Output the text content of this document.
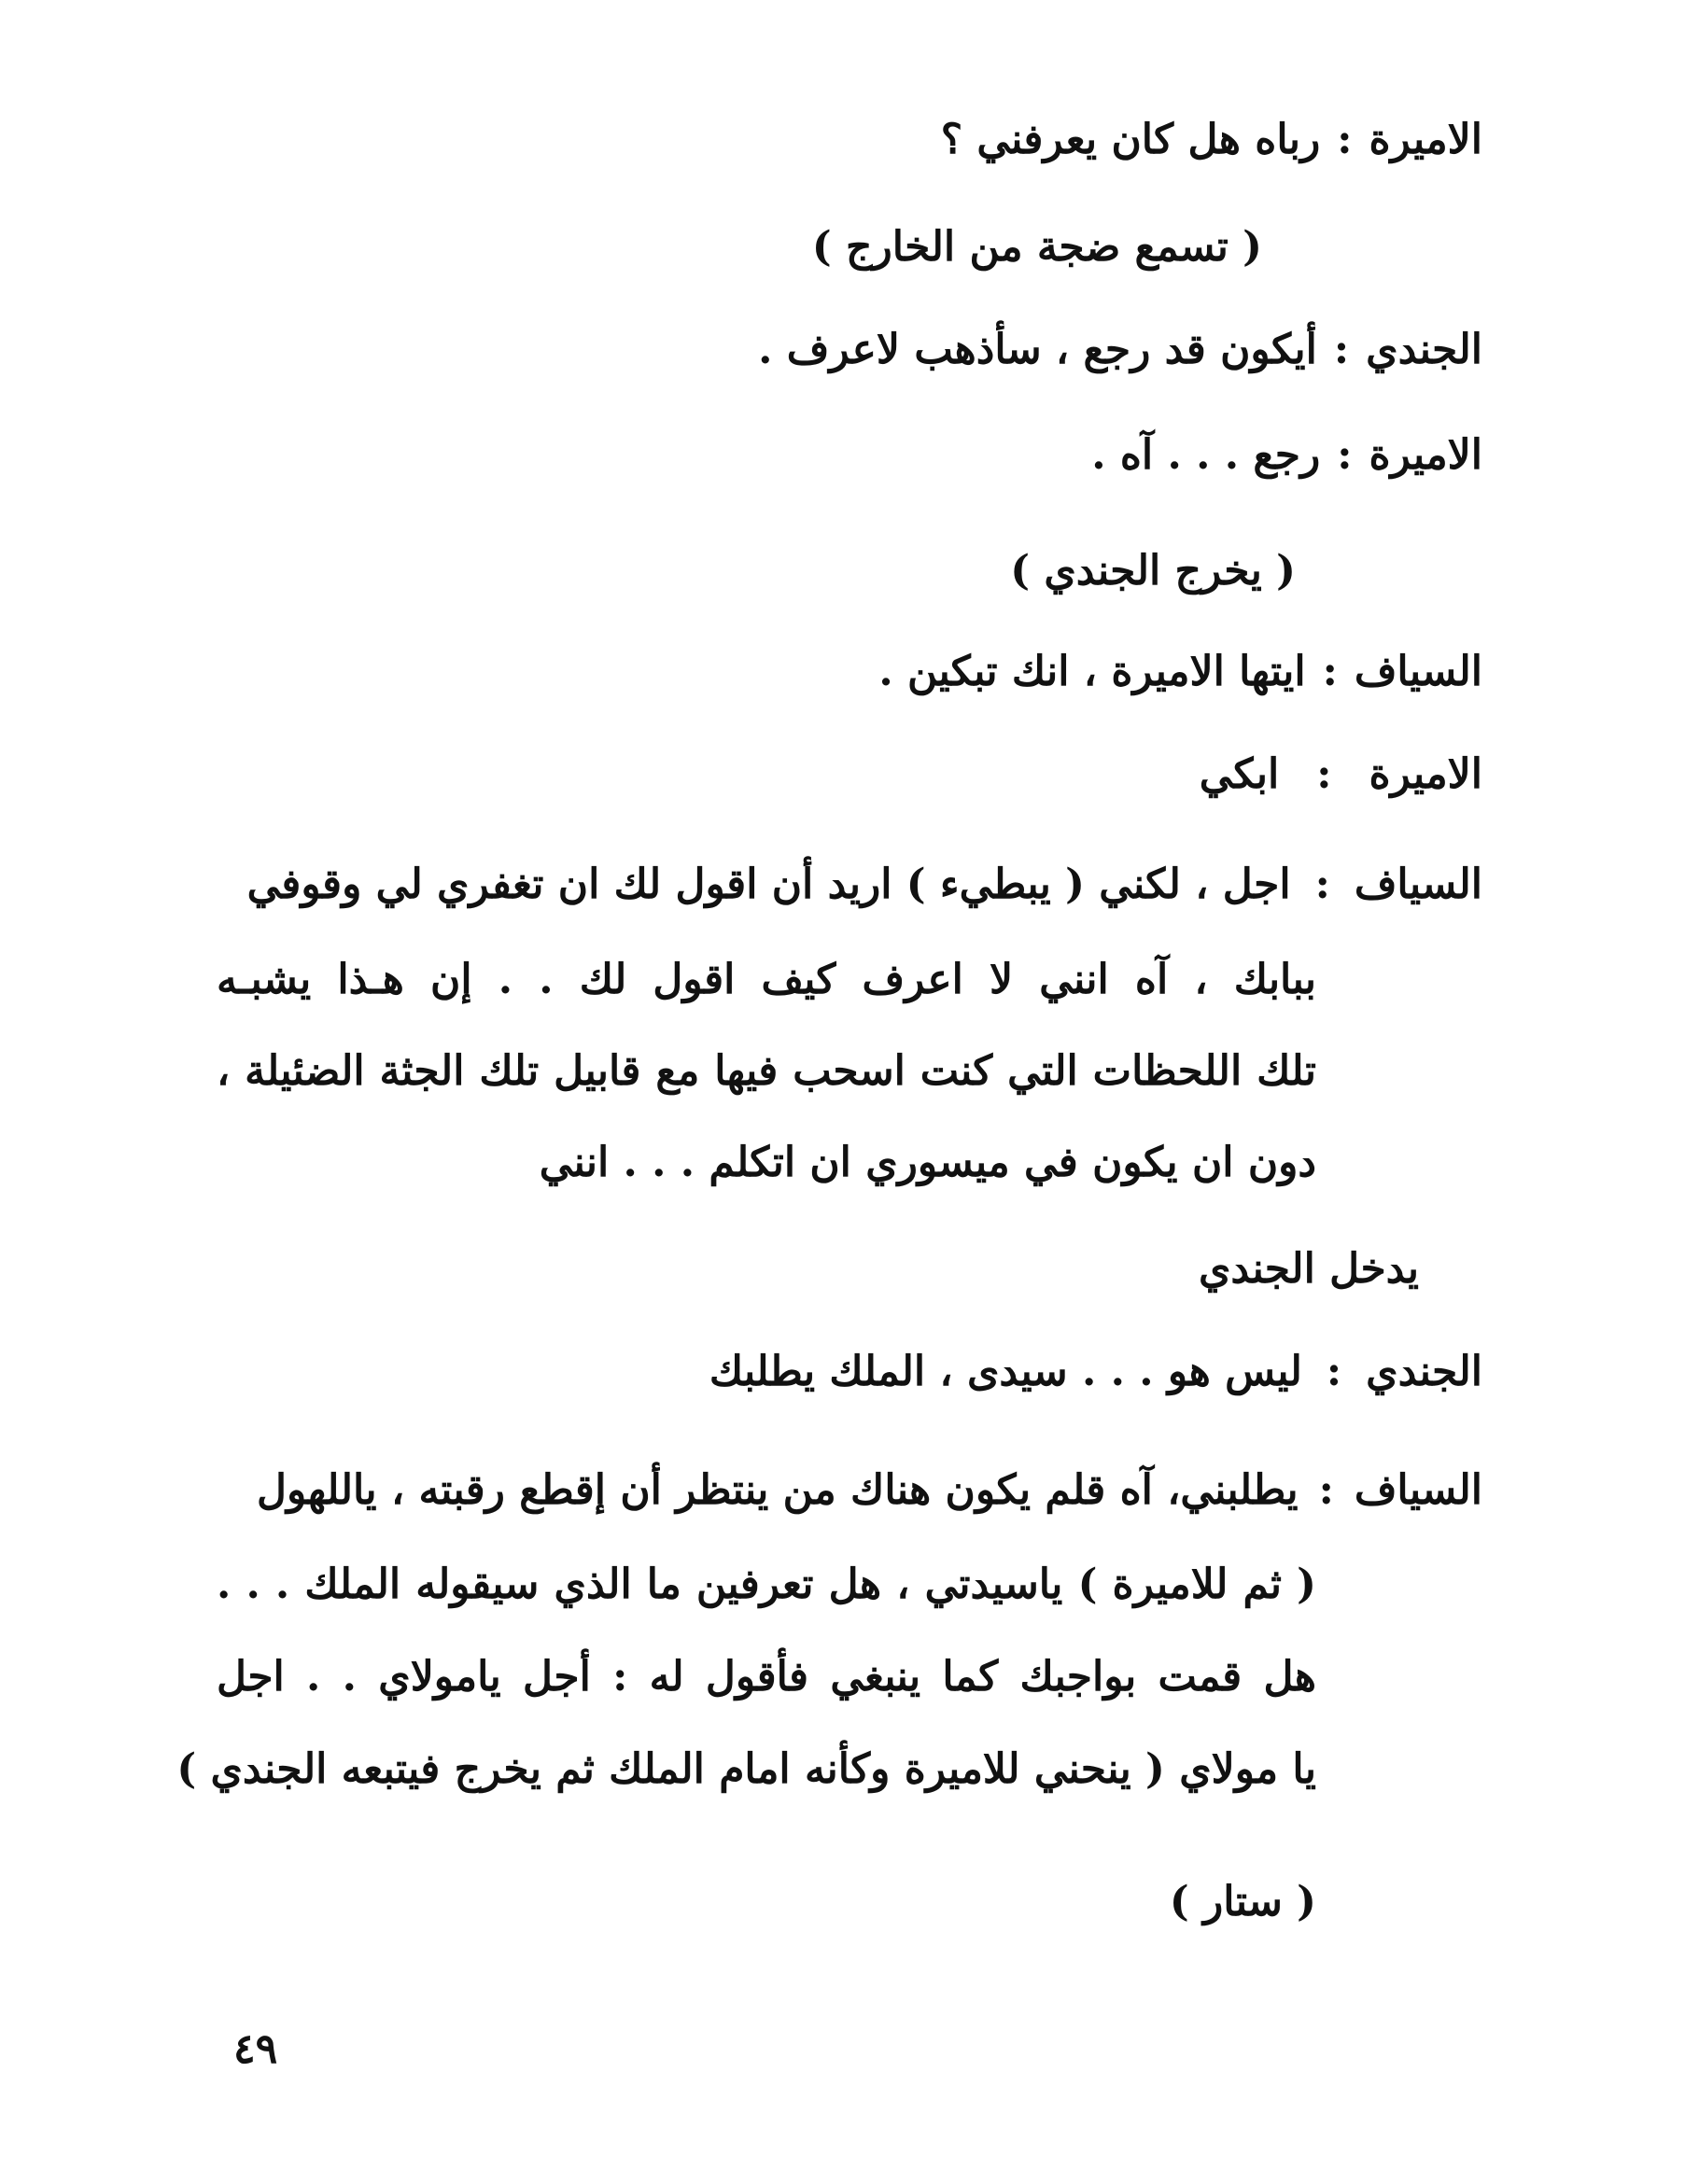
الاميرة:رباه هل كان يعرفني ؟
( تسمع ضجة من الخارج )
الجندي:أيكون قد رجع ، سأذهب لاعرف .
الاميرة:رجع . . . آه .
( يخرج الجندي )
السياف:ايتها الاميرة ، انك تبكين .
الاميرة:ابكي
السياف:اجل ، لكني ( يبطيء ) اريد أن اقول لك ان تغفري لي وقوفي
ببابك ، آه انني لا اعرف كيف اقول لك . . إن هـذا يشبـه
تلك اللحظات التي كنت اسحب فيها مع قابيل تلك الجثة الضئيلة ،
دون ان يكون في ميسوري ان اتكلم . . . انني
يدخل الجندي
الجندي:ليس هو . . . سيدى ، الملك يطلبك
السياف:يطلبني، آه قلم يكون هناك من ينتظر أن إقطع رقبته ، ياللهول
( ثم للاميرة ) ياسيدتي ، هل تعرفين ما الذي سيقوله الملك . . .
هل قمت بواجبك كما ينبغي فأقول له : أجل يامولاي . . اجل
يا مولاي ( ينحني للاميرة وكأنه امام الملك ثم يخرج فيتبعه الجندي )
( ستار )
٤٩
